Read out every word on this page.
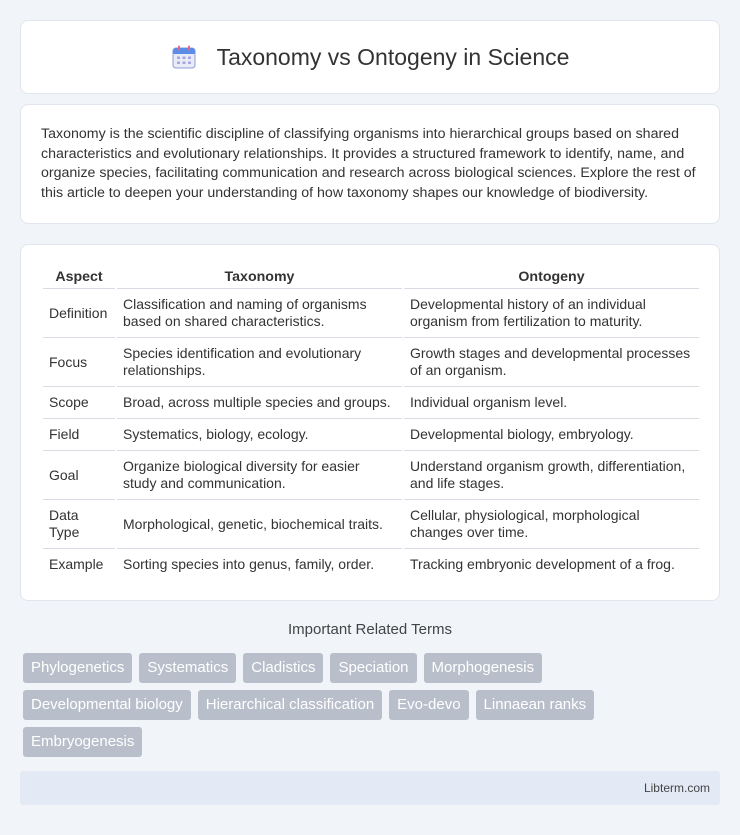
Taxonomy vs Ontogeny in Science

Taxonomy is the scientific discipline of classifying organisms into hierarchical groups based on shared characteristics and evolutionary relationships. It provides a structured framework to identify, name, and organize species, facilitating communication and research across biological sciences. Explore the rest of this article to deepen your understanding of how taxonomy shapes our knowledge of biodiversity.

Aspect	Taxonomy	Ontogeny
Definition	Classification and naming of organisms based on shared characteristics.	Developmental history of an individual organism from fertilization to maturity.
Focus	Species identification and evolutionary relationships.	Growth stages and developmental processes of an organism.
Scope	Broad, across multiple species and groups.	Individual organism level.
Field	Systematics, biology, ecology.	Developmental biology, embryology.
Goal	Organize biological diversity for easier study and communication.	Understand organism growth, differentiation, and life stages.
Data Type	Morphological, genetic, biochemical traits.	Cellular, physiological, morphological changes over time.
Example	Sorting species into genus, family, order.	Tracking embryonic development of a frog.
Important Related Terms
Phylogenetics	Systematics	Cladistics	Speciation	Morphogenesis
Developmental biology	Hierarchical classification	Evo-devo	Linnaean ranks
Embryogenesis
Libterm.com
